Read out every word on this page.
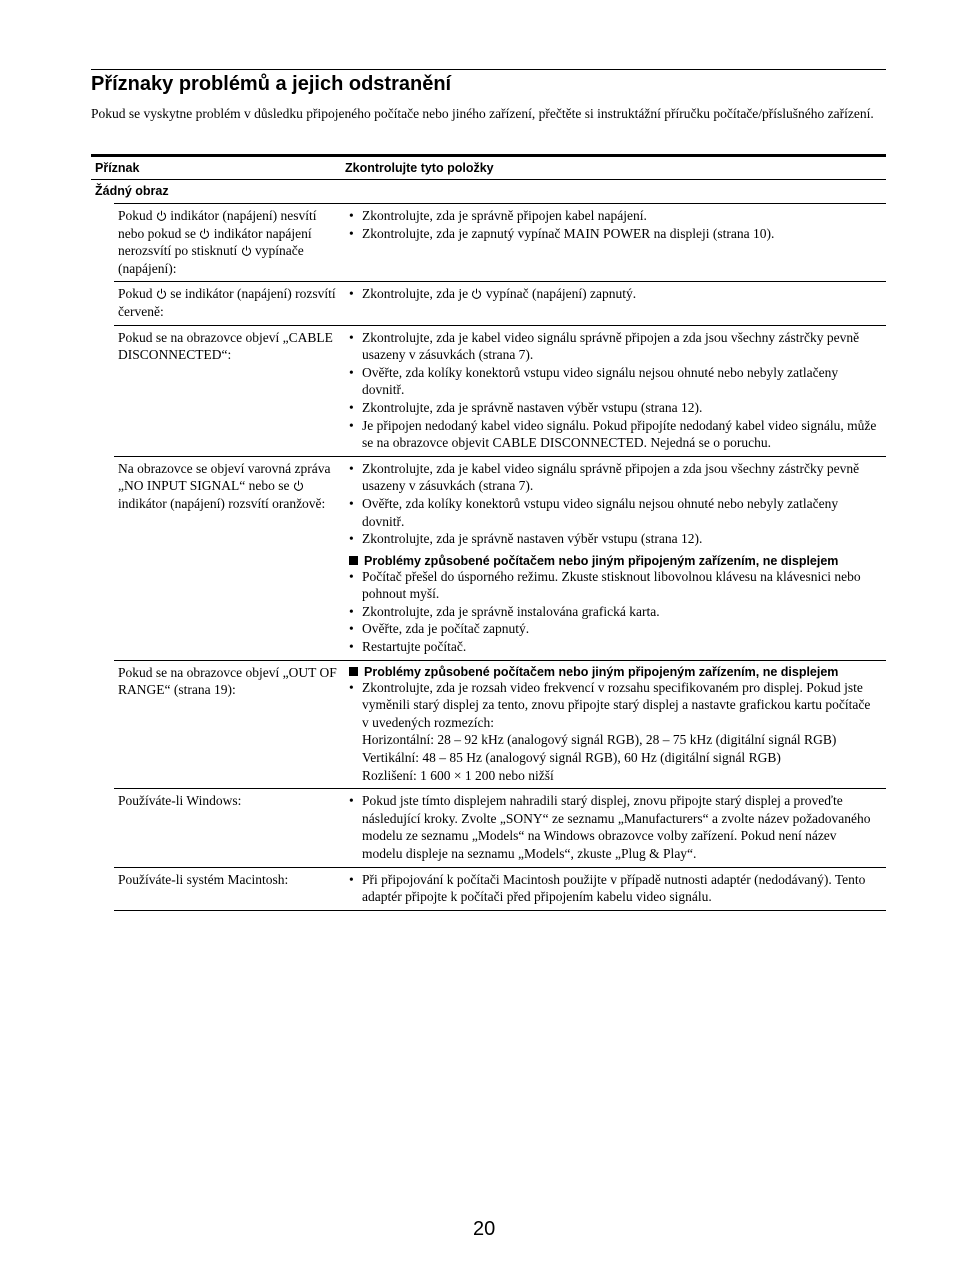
Příznaky problémů a jejich odstranění

Pokud se vyskytne problém v důsledku připojeného počítače nebo jiného zařízení, přečtěte si instruktážní příručku počítače/příslušného zařízení.

Příznak	Zkontrolujte tyto položky
Žádný obraz
Pokud indikátor (napájení) nesvítí nebo pokud se indikátor napájení nerozsvítí po stisknutí vypínače (napájení):
• Zkontrolujte, zda je správně připojen kabel napájení.
• Zkontrolujte, zda je zapnutý vypínač MAIN POWER na displeji (strana 10).
Pokud se indikátor (napájení) rozsvítí červeně:
• Zkontrolujte, zda je vypínač (napájení) zapnutý.
Pokud se na obrazovce objeví „CABLE DISCONNECTED“:
• Zkontrolujte, zda je kabel video signálu správně připojen a zda jsou všechny zástrčky pevně usazeny v zásuvkách (strana 7).
• Ověřte, zda kolíky konektorů vstupu video signálu nejsou ohnuté nebo nebyly zatlačeny dovnitř.
• Zkontrolujte, zda je správně nastaven výběr vstupu (strana 12).
• Je připojen nedodaný kabel video signálu. Pokud připojíte nedodaný kabel video signálu, může se na obrazovce objevit CABLE DISCONNECTED. Nejedná se o poruchu.
Na obrazovce se objeví varovná zpráva „NO INPUT SIGNAL“ nebo se  indikátor (napájení) rozsvítí oranžově:
• Zkontrolujte, zda je kabel video signálu správně připojen a zda jsou všechny zástrčky pevně usazeny v zásuvkách (strana 7).
• Ověřte, zda kolíky konektorů vstupu video signálu nejsou ohnuté nebo nebyly zatlačeny dovnitř.
• Zkontrolujte, zda je správně nastaven výběr vstupu (strana 12).
Problémy způsobené počítačem nebo jiným připojeným zařízením, ne displejem
• Počítač přešel do úsporného režimu. Zkuste stisknout libovolnou klávesu na klávesnici nebo pohnout myší.
• Zkontrolujte, zda je správně instalována grafická karta.
• Ověřte, zda je počítač zapnutý.
• Restartujte počítač.
Pokud se na obrazovce objeví „OUT OF RANGE“ (strana 19):
Problémy způsobené počítačem nebo jiným připojeným zařízením, ne displejem
• Zkontrolujte, zda je rozsah video frekvencí v rozsahu specifikovaném pro displej. Pokud jste vyměnili starý displej za tento, znovu připojte starý displej a nastavte grafickou kartu počítače v uvedených rozmezích:
Horizontální: 28 – 92 kHz (analogový signál RGB), 28 – 75 kHz (digitální signál RGB)
Vertikální: 48 – 85 Hz (analogový signál RGB), 60 Hz (digitální signál RGB)
Rozlišení: 1 600 × 1 200 nebo nižší
Používáte-li Windows:	• Pokud jste tímto displejem nahradili starý displej, znovu připojte starý displej a proveďte následující kroky. Zvolte „SONY“ ze seznamu „Manufacturers“ a zvolte název požadovaného modelu ze seznamu „Models“ na Windows obrazovce volby zařízení. Pokud není název modelu displeje na seznamu „Models“, zkuste „Plug & Play“.
Používáte-li systém Macintosh:	• Při připojování k počítači Macintosh použijte v případě nutnosti adaptér (nedodávaný). Tento adaptér připojte k počítači před připojením kabelu video signálu.

20
